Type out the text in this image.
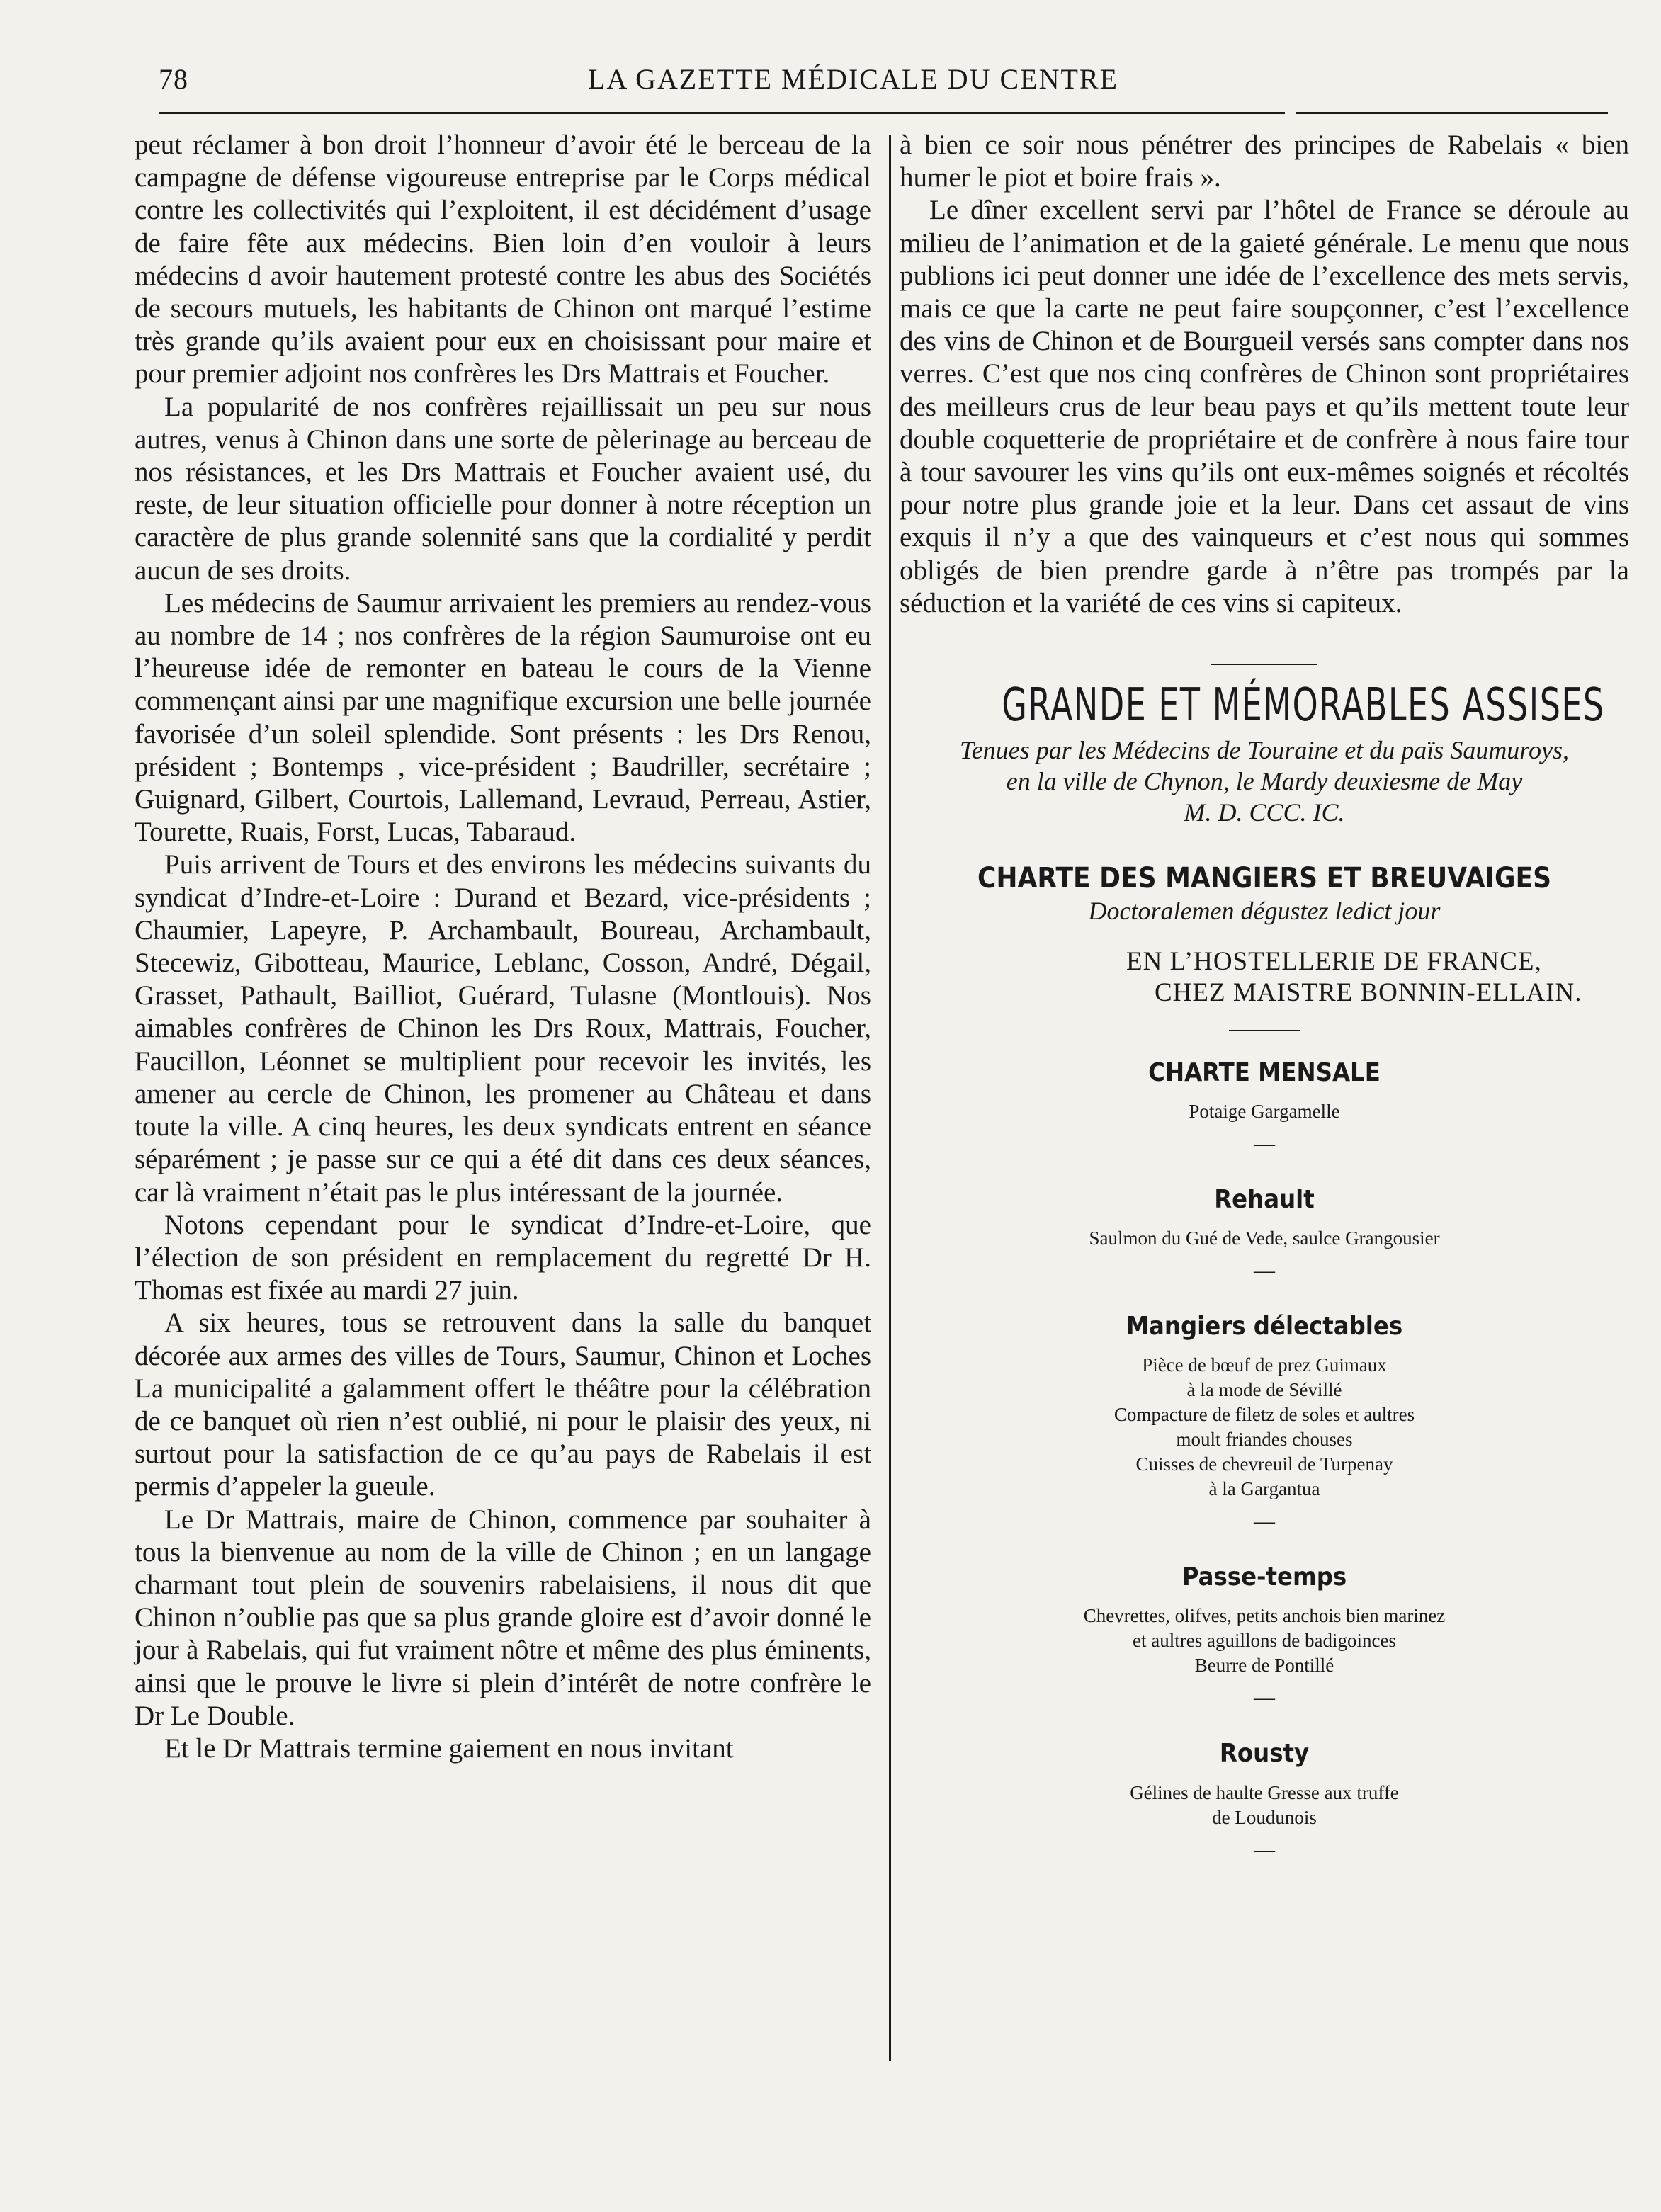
78	LA GAZETTE MÉDICALE DU CENTRE

peut réclamer à bon droit l’honneur d’avoir été le berceau de la campagne de défense vigoureuse entreprise par le Corps médical contre les collectivités qui l’exploitent, il est décidément d’usage de faire fête aux médecins. Bien loin d’en vouloir à leurs médecins d avoir hautement protesté contre les abus des Sociétés de secours mutuels, les habitants de Chinon ont marqué l’estime très grande qu’ils avaient pour eux en choisissant pour maire et pour premier adjoint nos confrères les Drs Mattrais et Foucher.

La popularité de nos confrères rejaillissait un peu sur nous autres, venus à Chinon dans une sorte de pèlerinage au berceau de nos résistances, et les Drs Mattrais et Foucher avaient usé, du reste, de leur situation officielle pour donner à notre réception un caractère de plus grande solennité sans que la cordialité y perdit aucun de ses droits.

Les médecins de Saumur arrivaient les premiers au rendez-vous au nombre de 14 ; nos confrères de la région Saumuroise ont eu l’heureuse idée de remonter en bateau le cours de la Vienne commençant ainsi par une magnifique excursion une belle journée favorisée d’un soleil splendide. Sont présents : les Drs Renou, président ; Bontemps , vice-président ; Baudriller, secrétaire ; Guignard, Gilbert, Courtois, Lallemand, Levraud, Perreau, Astier, Tourette, Ruais, Forst, Lucas, Tabaraud.

Puis arrivent de Tours et des environs les médecins suivants du syndicat d’Indre-et-Loire : Durand et Bezard, vice-présidents ; Chaumier, Lapeyre, P. Archambault, Boureau, Archambault, Stecewiz, Gibotteau, Maurice, Leblanc, Cosson, André, Dégail, Grasset, Pathault, Bailliot, Guérard, Tulasne (Montlouis). Nos aimables confrères de Chinon les Drs Roux, Mattrais, Foucher, Faucillon, Léonnet se multiplient pour recevoir les invités, les amener au cercle de Chinon, les promener au Château et dans toute la ville. A cinq heures, les deux syndicats entrent en séance séparément ; je passe sur ce qui a été dit dans ces deux séances, car là vraiment n’était pas le plus intéressant de la journée.

Notons cependant pour le syndicat d’Indre-et-Loire, que l’élection de son président en remplacement du regretté Dr H. Thomas est fixée au mardi 27 juin.

A six heures, tous se retrouvent dans la salle du banquet décorée aux armes des villes de Tours, Saumur, Chinon et Loches La municipalité a galamment offert le théâtre pour la célébration de ce banquet où rien n’est oublié, ni pour le plaisir des yeux, ni surtout pour la satisfaction de ce qu’au pays de Rabelais il est permis d’appeler la gueule.

Le Dr Mattrais, maire de Chinon, commence par souhaiter à tous la bienvenue au nom de la ville de Chinon ; en un langage charmant tout plein de souvenirs rabelaisiens, il nous dit que Chinon n’oublie pas que sa plus grande gloire est d’avoir donné le jour à Rabelais, qui fut vraiment nôtre et même des plus éminents, ainsi que le prouve le livre si plein d’intérêt de notre confrère le Dr Le Double.

Et le Dr Mattrais termine gaiement en nous invitant

à bien ce soir nous pénétrer des principes de Rabelais « bien humer le piot et boire frais ».

Le dîner excellent servi par l’hôtel de France se déroule au milieu de l’animation et de la gaieté générale. Le menu que nous publions ici peut donner une idée de l’excellence des mets servis, mais ce que la carte ne peut faire soupçonner, c’est l’excellence des vins de Chinon et de Bourgueil versés sans compter dans nos verres. C’est que nos cinq confrères de Chinon sont propriétaires des meilleurs crus de leur beau pays et qu’ils mettent toute leur double coquetterie de propriétaire et de confrère à nous faire tour à tour savourer les vins qu’ils ont eux-mêmes soignés et récoltés pour notre plus grande joie et la leur. Dans cet assaut de vins exquis il n’y a que des vainqueurs et c’est nous qui sommes obligés de bien prendre garde à n’être pas trompés par la séduction et la variété de ces vins si capiteux.

GRANDE ET MÉMORABLES ASSISES
Tenues par les Médecins de Touraine et du païs Saumuroys,
en la ville de Chynon, le Mardy deuxiesme de May
M. D. CCC. IC.
CHARTE DES MANGIERS ET BREUVAIGES
Doctoralemen dégustez ledict jour
EN L’HOSTELLERIE DE FRANCE,
CHEZ MAISTRE BONNIN-ELLAIN.
CHARTE MENSALE
Potaige Gargamelle
—
Rehault
Saulmon du Gué de Vede, saulce Grangousier
—
Mangiers délectables
Pièce de bœuf de prez Guimaux
à la mode de Sévillé
Compacture de filetz de soles et aultres
moult friandes chouses
Cuisses de chevreuil de Turpenay
à la Gargantua
—
Passe-temps
Chevrettes, olifves, petits anchois bien marinez
et aultres aguillons de badigoinces
Beurre de Pontillé
—
Rousty
Gélines de haulte Gresse aux truffe
de Loudunois
—
